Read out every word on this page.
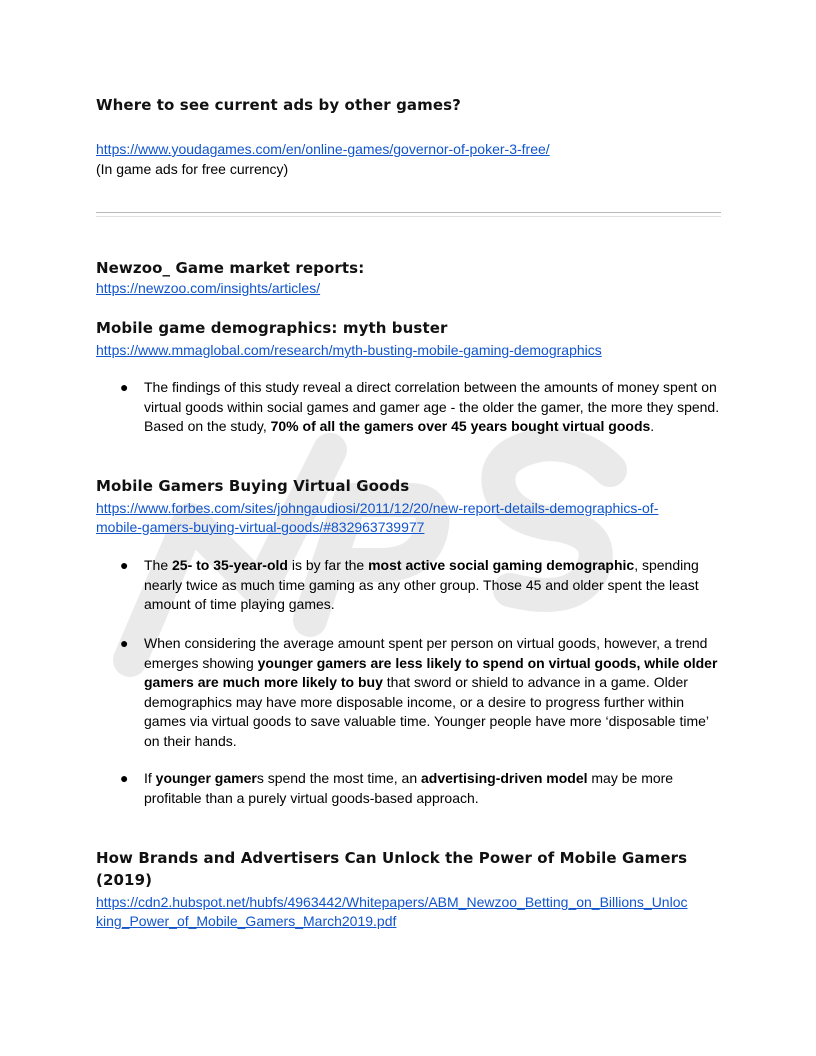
Where to see current ads by other games?
https://www.youdagames.com/en/online-games/governor-of-poker-3-free/
(In game ads for free currency)
Newzoo_ Game market reports:
https://newzoo.com/insights/articles/
Mobile game demographics: myth buster
https://www.mmaglobal.com/research/myth-busting-mobile-gaming-demographics
● The findings of this study reveal a direct correlation between the amounts of money spent on virtual goods within social games and gamer age - the older the gamer, the more they spend. Based on the study, 70% of all the gamers over 45 years bought virtual goods.

Mobile Gamers Buying Virtual Goods
https://www.forbes.com/sites/johngaudiosi/2011/12/20/new-report-details-demographics-of-
mobile-gamers-buying-virtual-goods/#832963739977
● The 25- to 35-year-old is by far the most active social gaming demographic, spending nearly twice as much time gaming as any other group. Those 45 and older spent the least amount of time playing games.

● When considering the average amount spent per person on virtual goods, however, a trend emerges showing younger gamers are less likely to spend on virtual goods, while older gamers are much more likely to buy that sword or shield to advance in a game. Older demographics may have more disposable income, or a desire to progress further within games via virtual goods to save valuable time. Younger people have more ‘disposable time’ on their hands.

● If younger gamers spend the most time, an advertising-driven model may be more profitable than a purely virtual goods-based approach.

How Brands and Advertisers Can Unlock the Power of Mobile Gamers
(2019)
https://cdn2.hubspot.net/hubfs/4963442/Whitepapers/ABM_Newzoo_Betting_on_Billions_Unloc
king_Power_of_Mobile_Gamers_March2019.pdf
